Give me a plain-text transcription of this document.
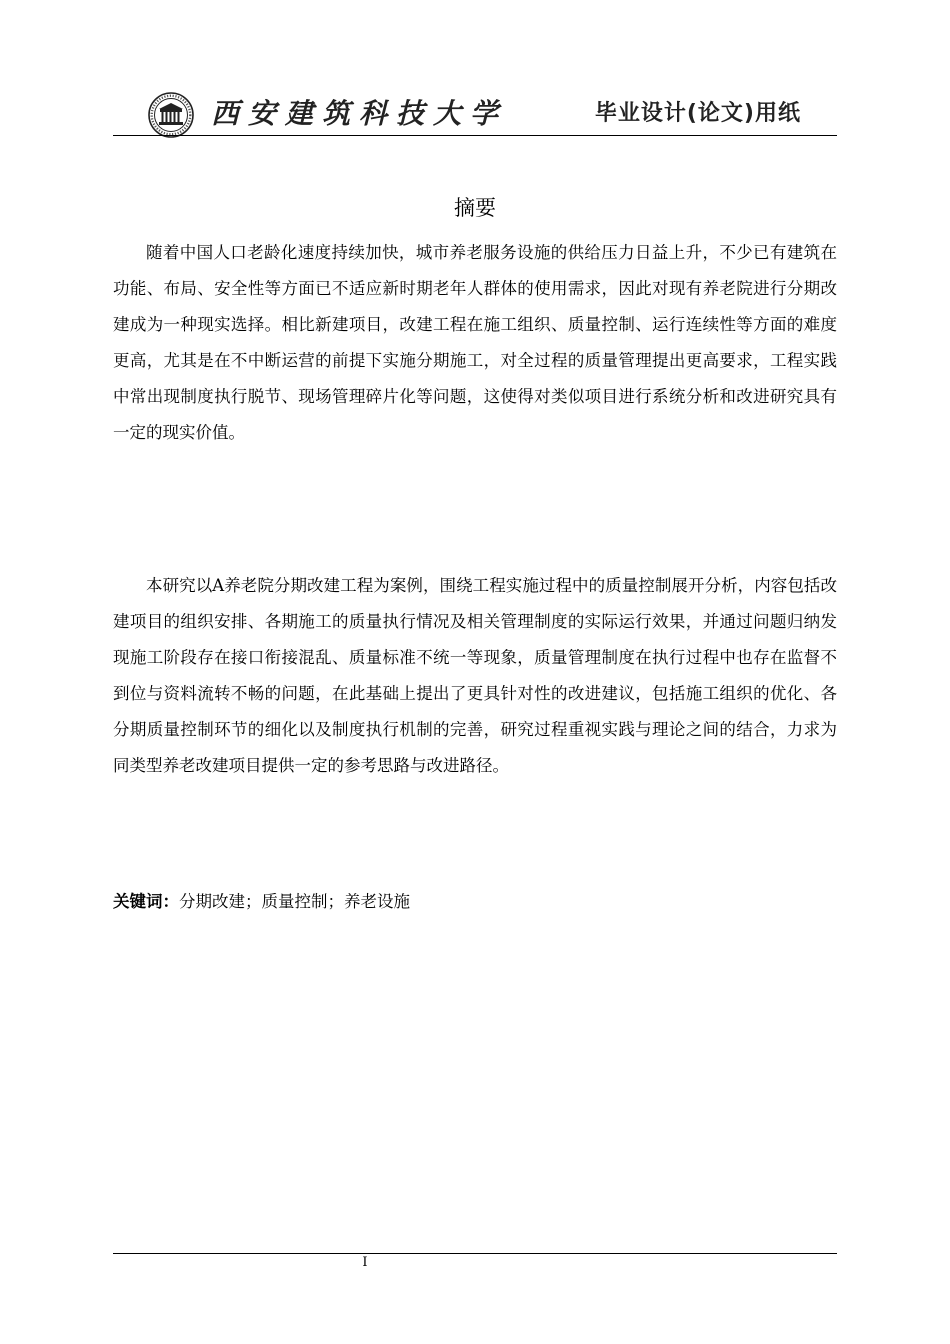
西安建筑科技大学	毕业设计(论文)用纸
摘要

随着中国人口老龄化速度持续加快，城市养老服务设施的供给压力日益上升，不少已有建筑在功能、布局、安全性等方面已不适应新时期老年人群体的使用需求，因此对现有养老院进行分期改建成为一种现实选择。相比新建项目，改建工程在施工组织、质量控制、运行连续性等方面的难度更高，尤其是在不中断运营的前提下实施分期施工，对全过程的质量管理提出更高要求，工程实践中常出现制度执行脱节、现场管理碎片化等问题，这使得对类似项目进行系统分析和改进研究具有一定的现实价值。

本研究以A养老院分期改建工程为案例，围绕工程实施过程中的质量控制展开分析，内容包括改建项目的组织安排、各期施工的质量执行情况及相关管理制度的实际运行效果，并通过问题归纳发现施工阶段存在接口衔接混乱、质量标准不统一等现象，质量管理制度在执行过程中也存在监督不到位与资料流转不畅的问题，在此基础上提出了更具针对性的改进建议，包括施工组织的优化、各分期质量控制环节的细化以及制度执行机制的完善，研究过程重视实践与理论之间的结合，力求为同类型养老改建项目提供一定的参考思路与改进路径。

关键词：分期改建；质量控制；养老设施
I
